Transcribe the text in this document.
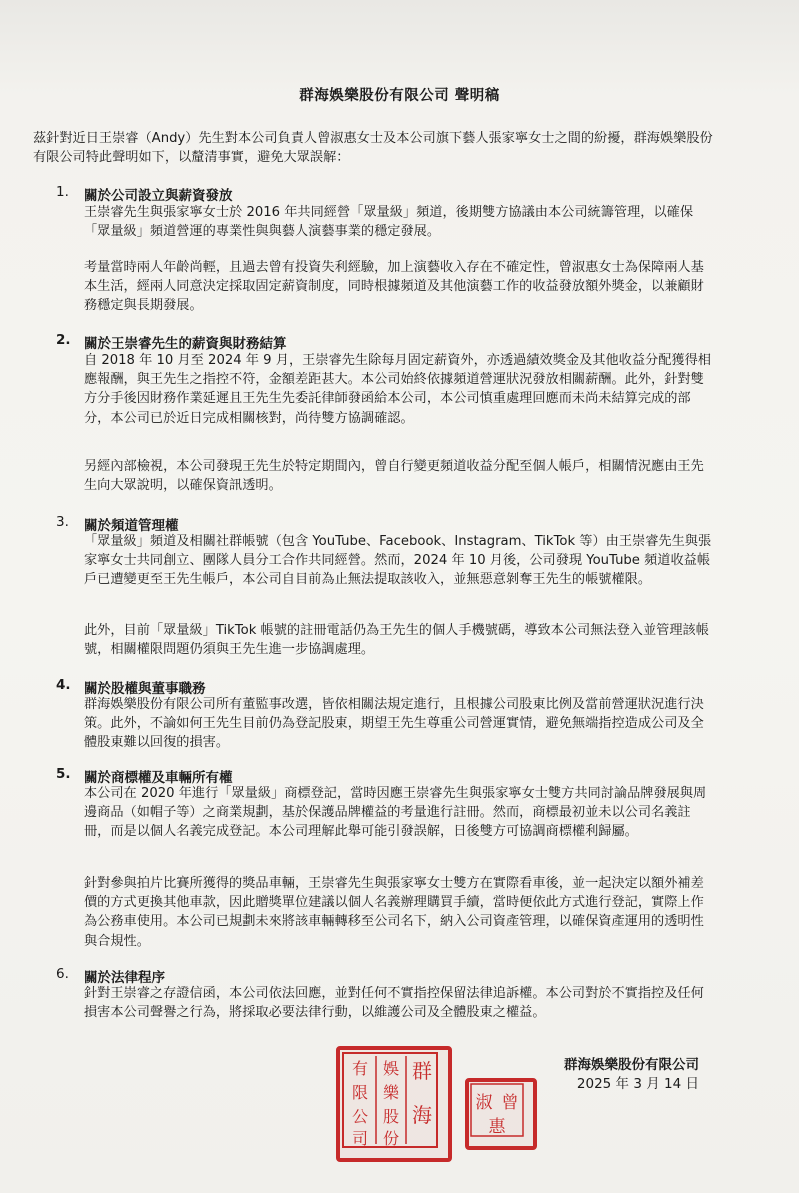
群海娛樂股份有限公司 聲明稿

茲針對近日王崇睿（Andy）先生對本公司負責人曾淑惠女士及本公司旗下藝人張家寧女士之間的紛擾，群海娛樂股份有限公司特此聲明如下，以釐清事實，避免大眾誤解：

1. 關於公司設立與薪資發放

王崇睿先生與張家寧女士於 2016 年共同經營「眾量級」頻道，後期雙方協議由本公司統籌管理，以確保「眾量級」頻道營運的專業性與與藝人演藝事業的穩定發展。

考量當時兩人年齡尚輕，且過去曾有投資失利經驗，加上演藝收入存在不確定性，曾淑惠女士為保障兩人基本生活，經兩人同意決定採取固定薪資制度，同時根據頻道及其他演藝工作的收益發放額外獎金，以兼顧財務穩定與長期發展。

2. 關於王崇睿先生的薪資與財務結算

自 2018 年 10 月至 2024 年 9 月，王崇睿先生除每月固定薪資外，亦透過績效獎金及其他收益分配獲得相應報酬，與王先生之指控不符，金額差距甚大。本公司始終依據頻道營運狀況發放相關薪酬。此外，針對雙方分手後因財務作業延遲且王先生先委託律師發函給本公司，本公司慎重處理回應而未尚未結算完成的部分，本公司已於近日完成相關核對，尚待雙方協調確認。

另經內部檢視，本公司發現王先生於特定期間內，曾自行變更頻道收益分配至個人帳戶，相關情況應由王先生向大眾說明，以確保資訊透明。

3. 關於頻道管理權

「眾量級」頻道及相關社群帳號（包含 YouTube、Facebook、Instagram、TikTok 等）由王崇睿先生與張家寧女士共同創立、團隊人員分工合作共同經營。然而，2024 年 10 月後，公司發現 YouTube 頻道收益帳戶已遭變更至王先生帳戶，本公司自目前為止無法提取該收入，並無惡意剝奪王先生的帳號權限。

此外，目前「眾量級」TikTok 帳號的註冊電話仍為王先生的個人手機號碼，導致本公司無法登入並管理該帳號，相關權限問題仍須與王先生進一步協調處理。

4. 關於股權與董事職務

群海娛樂股份有限公司所有董監事改選，皆依相關法規定進行，且根據公司股東比例及當前營運狀況進行決策。此外，不論如何王先生目前仍為登記股東，期望王先生尊重公司營運實情，避免無端指控造成公司及全體股東難以回復的損害。

5. 關於商標權及車輛所有權

本公司在 2020 年進行「眾量級」商標登記，當時因應王崇睿先生與張家寧女士雙方共同討論品牌發展與周邊商品（如帽子等）之商業規劃，基於保護品牌權益的考量進行註冊。然而，商標最初並未以公司名義註冊，而是以個人名義完成登記。本公司理解此舉可能引發誤解，日後雙方可協調商標權利歸屬。

針對參與拍片比賽所獲得的獎品車輛，王崇睿先生與張家寧女士雙方在實際看車後，並一起決定以額外補差價的方式更換其他車款，因此贈獎單位建議以個人名義辦理購買手續，當時便依此方式進行登記，實際上作為公務車使用。本公司已規劃未來將該車輛轉移至公司名下，納入公司資產管理，以確保資產運用的透明性與合規性。

6. 關於法律程序

針對王崇睿之存證信函，本公司依法回應，並對任何不實指控保留法律追訴權。本公司對於不實指控及任何損害本公司聲譽之行為，將採取必要法律行動，以維護公司及全體股東之權益。

群
海
娛
樂
股
份
有
限
公
司
曾
淑
惠
群海娛樂股份有限公司
2025 年 3 月 14 日
